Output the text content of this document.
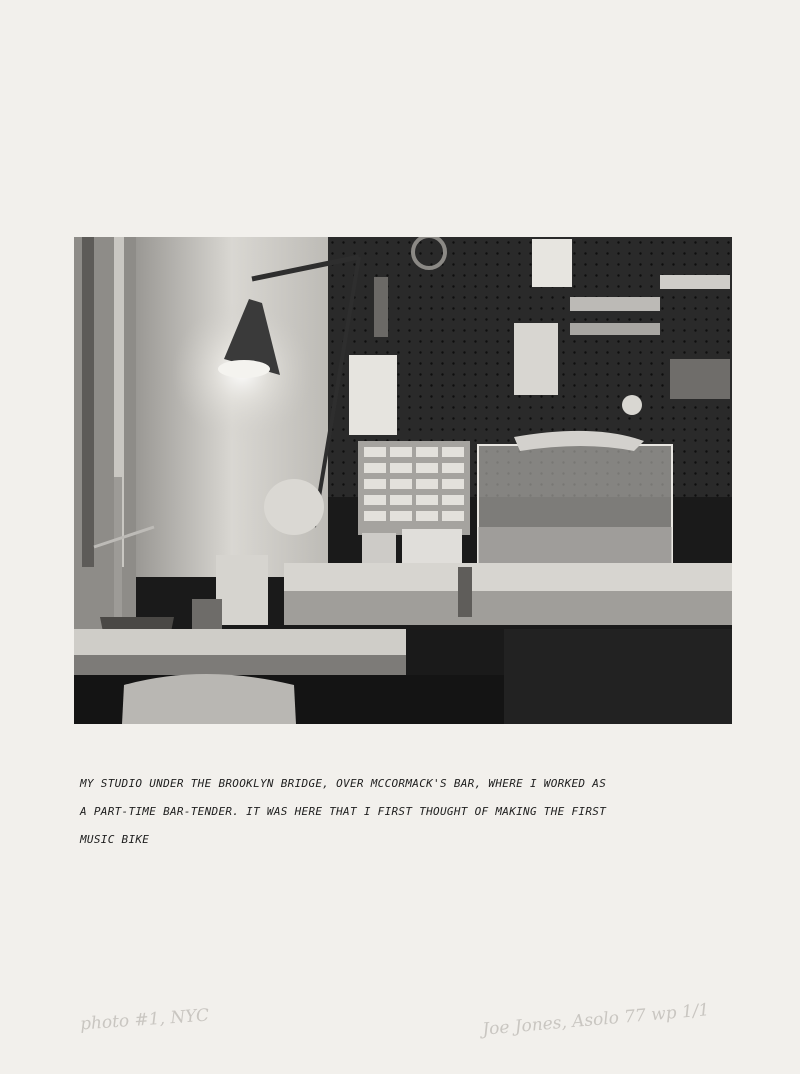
MY STUDIO UNDER THE BROOKLYN BRIDGE, OVER MCCORMACK'S BAR, WHERE I WORKED AS
A PART-TIME BAR-TENDER. IT WAS HERE THAT I FIRST THOUGHT OF MAKING THE FIRST
MUSIC BIKE

photo #1, NYC	Joe Jones, Asolo 77 wp 1/1
